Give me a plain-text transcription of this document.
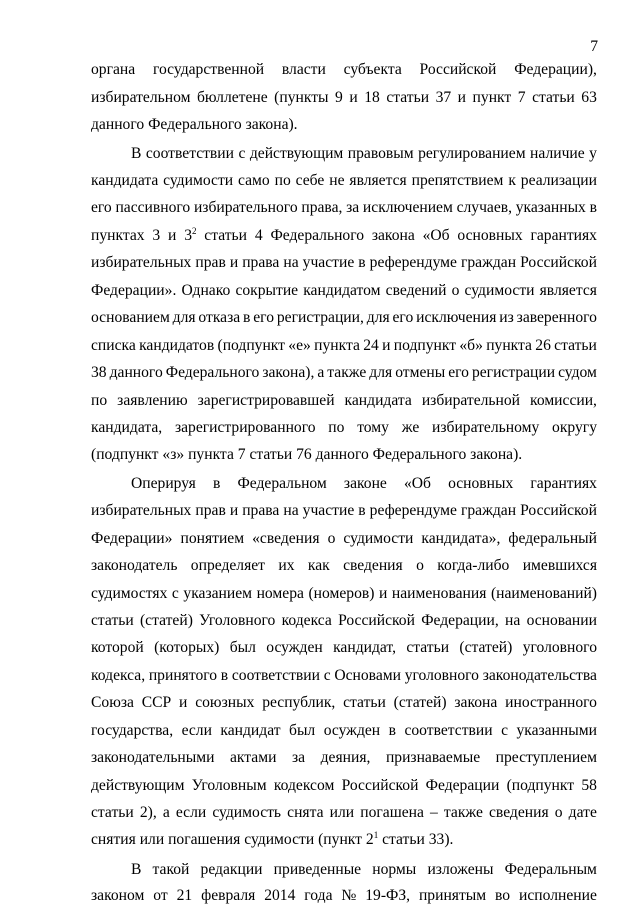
7
органа государственной власти субъекта Российской Федерации),
избирательном бюллетене (пункты 9 и 18 статьи 37 и пункт 7 статьи 63
данного
Федерального
закона).
В соответствии с действующим правовым регулированием наличие у
кандидата судимости само по себе не является препятствием к реализации
его пассивного избирательного права, за исключением случаев, указанных в
пунктах 3 и $3^2$ статьи 4 Федерального закона «Об основных гарантиях
избирательных прав и права на участие в референдуме граждан Российской
Федерации». Однако сокрытие кандидатом сведений о судимости является
основанием для отказа в его регистрации, для его исключения из заверенного
списка кандидатов (подпункт «е» пункта 24 и подпункт «б» пункта 26 статьи
38 данного Федерального закона), а также для отмены его регистрации судом
по заявлению зарегистрировавшей кандидата избирательной комиссии,
кандидата, зарегистрированного по тому же избирательному округу
(подпункт
«з»
пункта
7
статьи
76
данного
Федерального
закона).
Оперируя в Федеральном законе «Об основных гарантиях
избирательных прав и права на участие в референдуме граждан Российской
Федерации» понятием «сведения о судимости кандидата», федеральный
законодатель определяет их как сведения о когда-либо имевшихся
судимостях с указанием номера (номеров) и наименования (наименований)
статьи (статей) Уголовного кодекса Российской Федерации, на основании
которой (которых) был осужден кандидат, статьи (статей) уголовного
кодекса, принятого в соответствии с Основами уголовного законодательства
Союза ССР и союзных республик, статьи (статей) закона иностранного
государства, если кандидат был осужден в соответствии с указанными
законодательными актами за деяния, признаваемые преступлением
действующим Уголовным кодексом Российской Федерации (подпункт 58
статьи 2), а если судимость снята или погашена – также сведения о дате
снятия
или
погашения
судимости
(пункт
$2^1$
статьи
33).
В такой редакции приведенные нормы изложены Федеральным
законом от 21 февраля 2014 года № 19-ФЗ, принятым во исполнение
